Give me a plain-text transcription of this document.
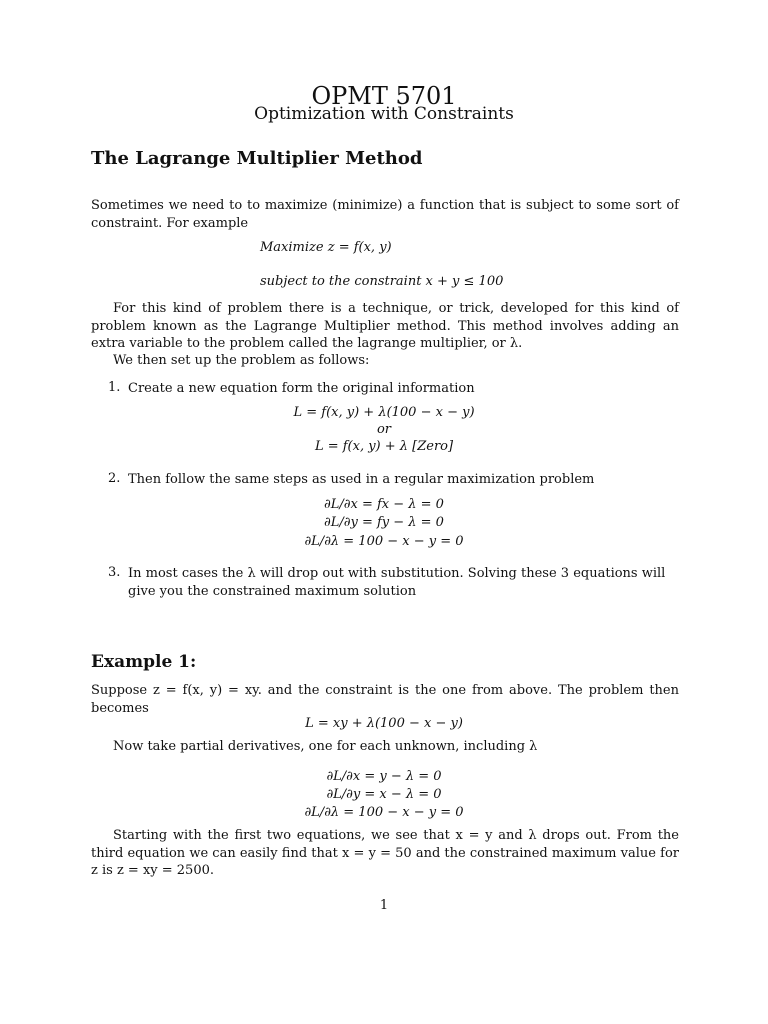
OPMT 5701
Optimization with Constraints
The Lagrange Multiplier Method
Sometimes we need to to maximize (minimize) a function that is subject to some sort of constraint. For example
Maximize z = f(x, y)
subject to the constraint x + y ≤ 100
For this kind of problem there is a technique, or trick, developed for this kind of problem known as the Lagrange Multiplier method. This method involves adding an extra variable to the problem called the lagrange multiplier, or λ.
We then set up the problem as follows:
1. Create a new equation form the original information
L = f(x, y) + λ(100 − x − y)
or
L = f(x, y) + λ [Zero]
2. Then follow the same steps as used in a regular maximization problem
∂L/∂x = fx − λ = 0
∂L/∂y = fy − λ = 0
∂L/∂λ = 100 − x − y = 0
3. In most cases the λ will drop out with substitution. Solving these 3 equations will give you the constrained maximum solution
Example 1:
Suppose z = f(x, y) = xy. and the constraint is the one from above. The problem then becomes
L = xy + λ(100 − x − y)
Now take partial derivatives, one for each unknown, including λ
∂L/∂x = y − λ = 0
∂L/∂y = x − λ = 0
∂L/∂λ = 100 − x − y = 0
Starting with the first two equations, we see that x = y and λ drops out. From the third equation we can easily find that x = y = 50 and the constrained maximum value for z is z = xy = 2500.
1
